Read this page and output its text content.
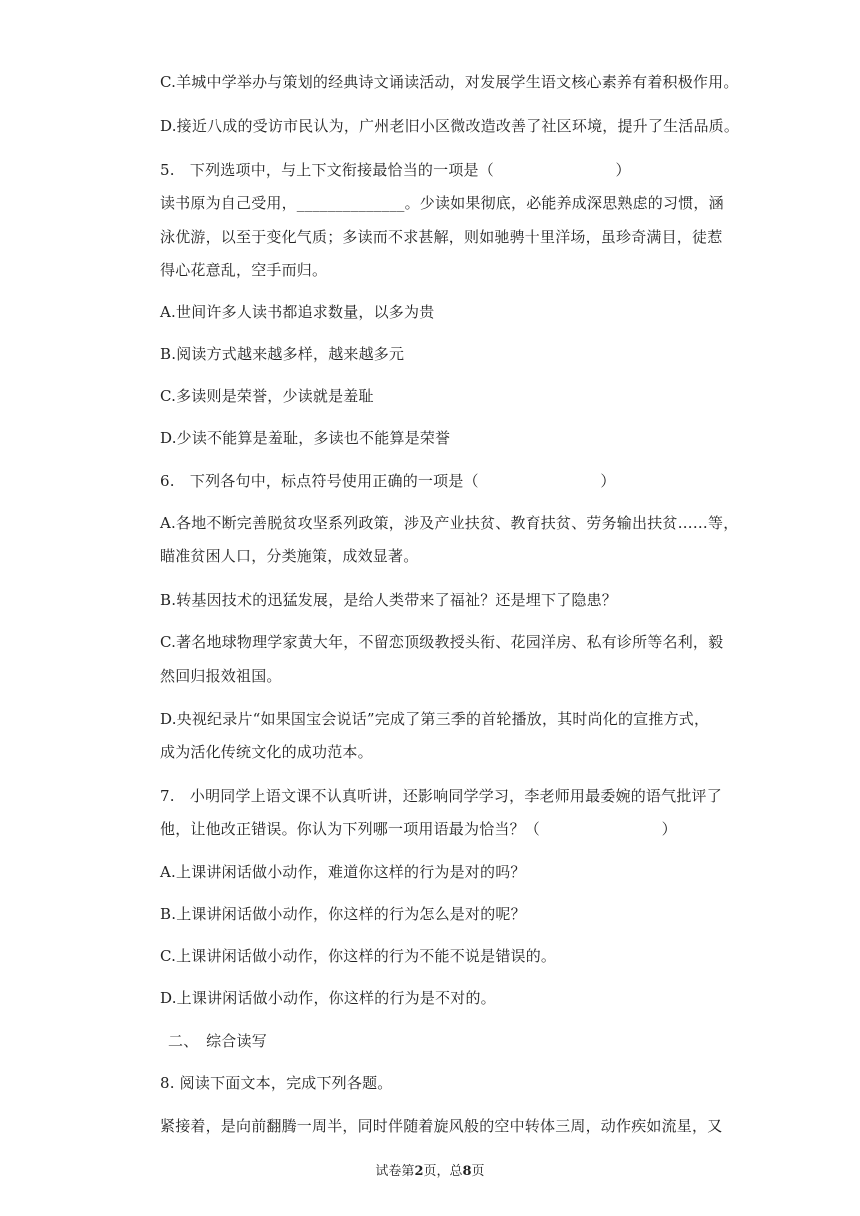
C.羊城中学举办与策划的经典诗文诵读活动，对发展学生语文核心素养有着积极作用。
D.接近八成的受访市民认为，广州老旧小区微改造改善了社区环境，提升了生活品质。
5.　下列选项中，与上下文衔接最恰当的一项是（　　　　　　　　）
读书原为自己受用，______________。少读如果彻底，必能养成深思熟虑的习惯，涵
泳优游，以至于变化气质；多读而不求甚解，则如驰骋十里洋场，虽珍奇满目，徒惹
得心花意乱，空手而归。
A.世间许多人读书都追求数量，以多为贵
B.阅读方式越来越多样，越来越多元
C.多读则是荣誉，少读就是羞耻
D.少读不能算是羞耻，多读也不能算是荣誉
6.　下列各句中，标点符号使用正确的一项是（　　　　　　　　）
A.各地不断完善脱贫攻坚系列政策，涉及产业扶贫、教育扶贫、劳务输出扶贫……等，
瞄准贫困人口，分类施策，成效显著。
B.转基因技术的迅猛发展，是给人类带来了福祉？还是埋下了隐患？
C.著名地球物理学家黄大年，不留恋顶级教授头衔、花园洋房、私有诊所等名利，毅
然回归报效祖国。
D.央视纪录片“如果国宝会说话”完成了第三季的首轮播放，其时尚化的宣推方式，
成为活化传统文化的成功范本。
7.　小明同学上语文课不认真听讲，还影响同学学习，李老师用最委婉的语气批评了
他，让他改正错误。你认为下列哪一项用语最为恰当？（　　　　　　　　）
A.上课讲闲话做小动作，难道你这样的行为是对的吗？
B.上课讲闲话做小动作，你这样的行为怎么是对的呢？
C.上课讲闲话做小动作，你这样的行为不能不说是错误的。
D.上课讲闲话做小动作，你这样的行为是不对的。
二、　综合读写
8. 阅读下面文本，完成下列各题。
紧接着，是向前翻腾一周半，同时伴随着旋风般的空中转体三周，动作疾如流星，又
试卷第2页，总8页
